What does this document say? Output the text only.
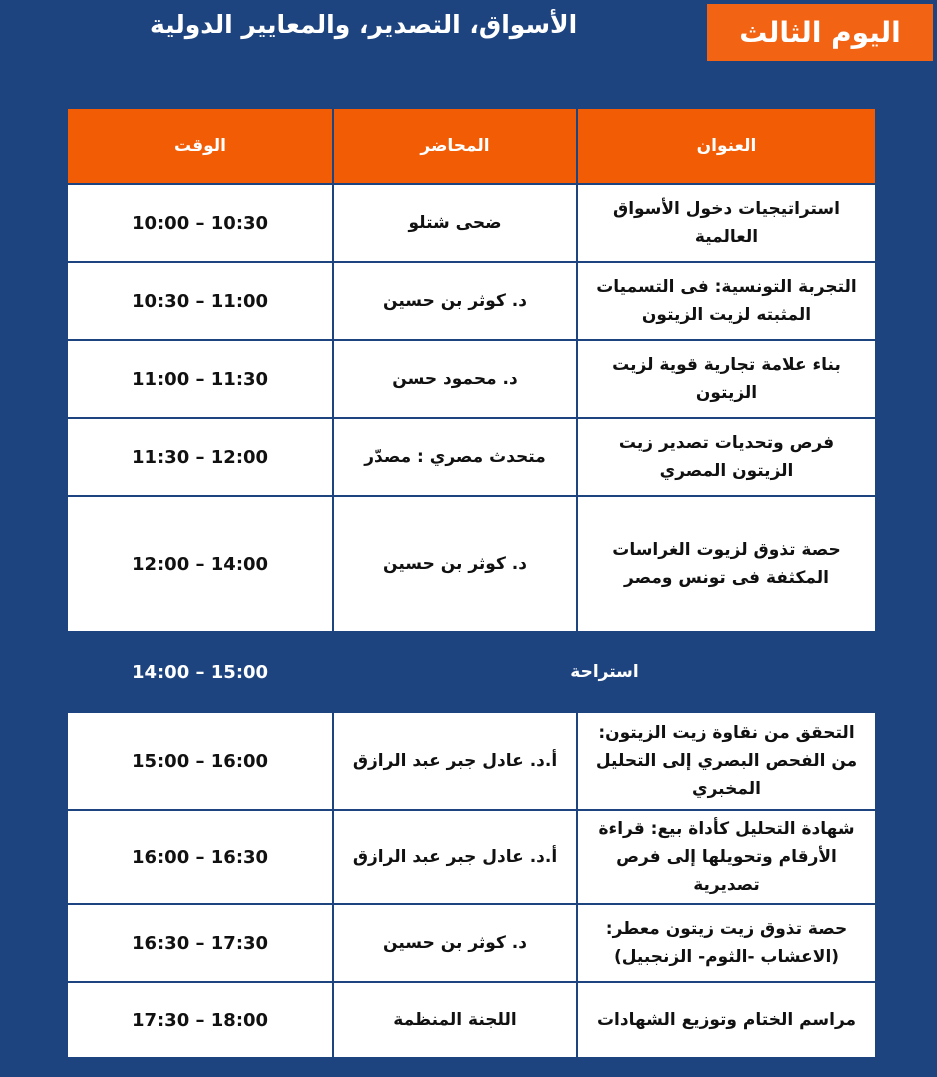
اليوم الثالث
الأسواق، التصدير، والمعايير الدولية
الوقت	المحاضر	العنوان
10:00 – 10:30	ضحى شتلو	استراتيجيات دخول الأسواق العالمية
10:30 – 11:00	د. كوثر بن حسين	التجربة التونسية: فى التسميات المثبته لزيت الزيتون
11:00 – 11:30	د. محمود حسن	بناء علامة تجارية قوية لزيت الزيتون
11:30 – 12:00	متحدث مصري : مصدّر	فرص وتحديات تصدير زيت الزيتون المصري
12:00 – 14:00	د. كوثر بن حسين	حصة تذوق لزيوت الغراسات المكثفة فى تونس ومصر
14:00 – 15:00	استراحة	
15:00 – 16:00	أ.د. عادل جبر عبد الرازق	التحقق من نقاوة زيت الزيتون: من الفحص البصري إلى التحليل المخبري
16:00 – 16:30	أ.د. عادل جبر عبد الرازق	شهادة التحليل كأداة بيع: قراءة الأرقام وتحويلها إلى فرص تصديرية
16:30 – 17:30	د. كوثر بن حسين	حصة تذوق زيت زيتون معطر: (الاعشاب -الثوم- الزنجبيل)
17:30 – 18:00	اللجنة المنظمة	مراسم الختام وتوزيع الشهادات
